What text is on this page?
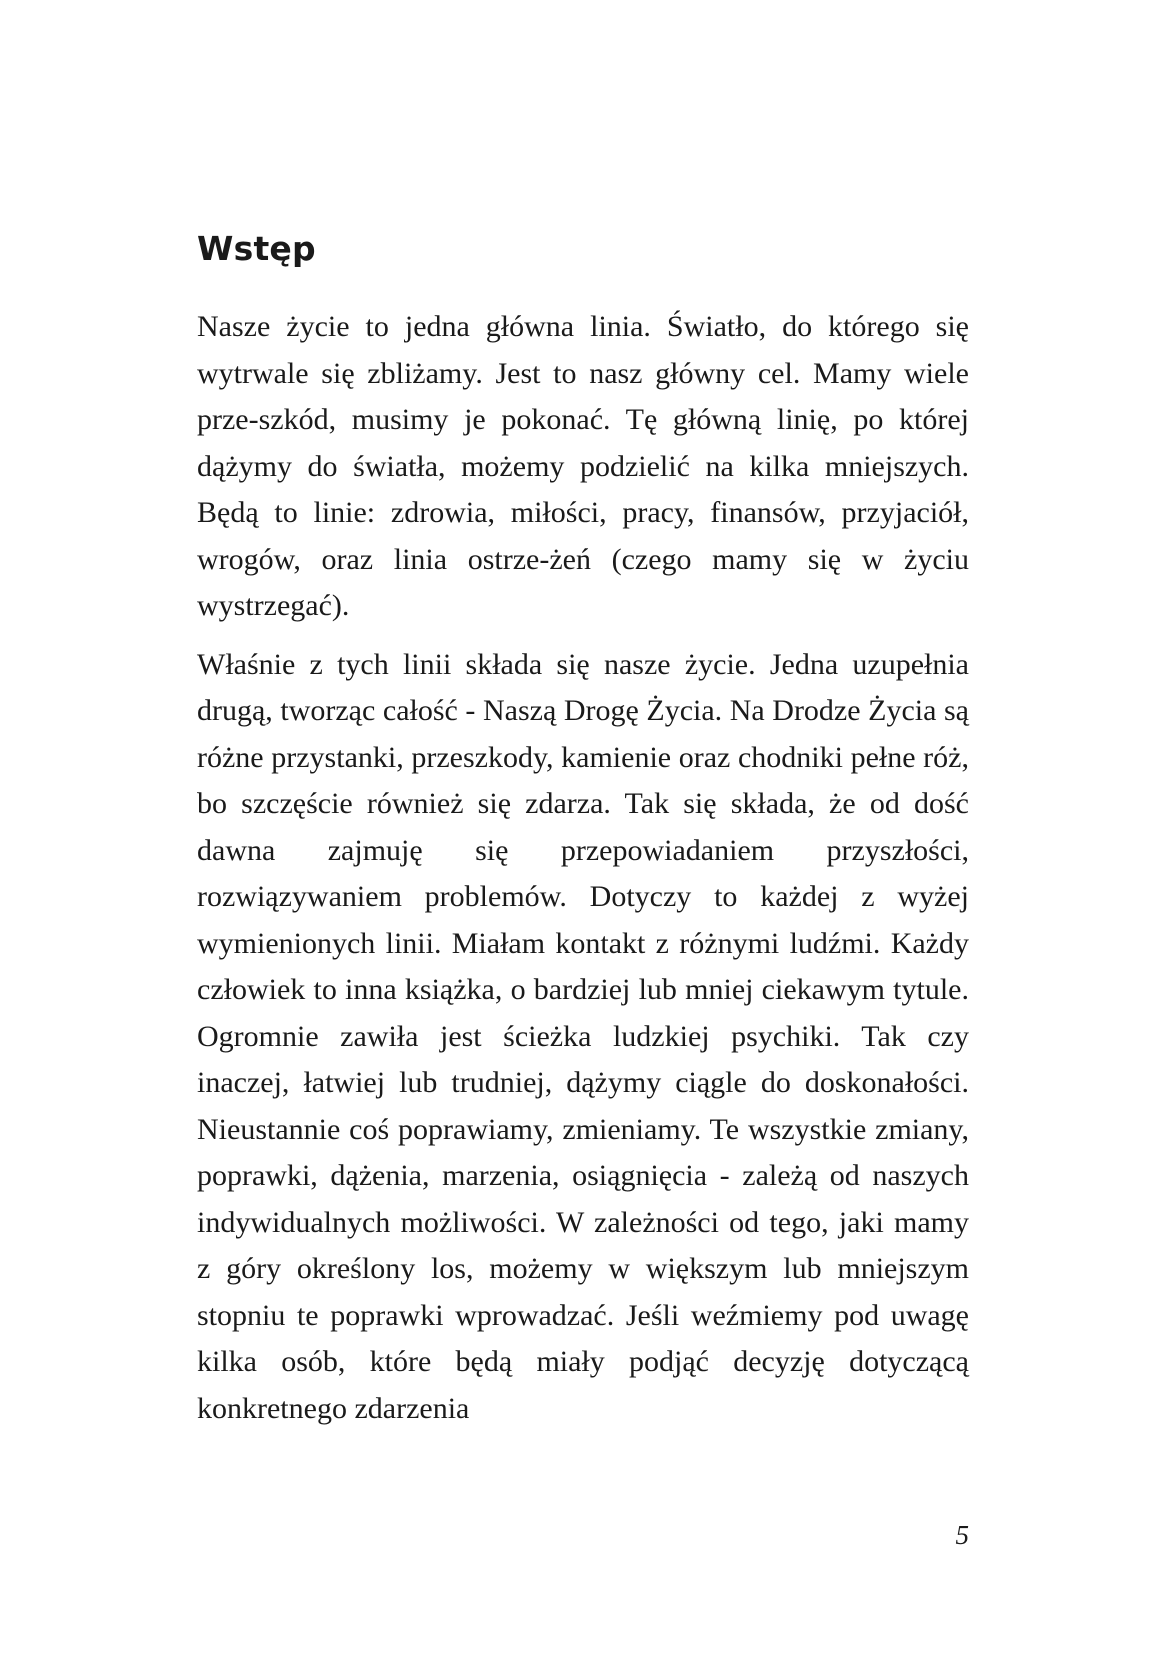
Wstęp

Nasze życie to jedna główna linia. Światło, do którego się wytrwale się zbliżamy. Jest to nasz główny cel. Mamy wiele prze-szkód, musimy je pokonać. Tę główną linię, po której dążymy do światła, możemy podzielić na kilka mniejszych. Będą to linie: zdrowia, miłości, pracy, finansów, przyjaciół, wrogów, oraz linia ostrze-żeń (czego mamy się w życiu wystrzegać).

Właśnie z tych linii składa się nasze życie. Jedna uzupełnia drugą, tworząc całość - Naszą Drogę Życia. Na Drodze Życia są różne przystanki, przeszkody, kamienie oraz chodniki pełne róż, bo szczęście również się zdarza. Tak się składa, że od dość dawna zajmuję się przepowiadaniem przyszłości, rozwiązywaniem problemów. Dotyczy to każdej z wyżej wymienionych linii. Miałam kontakt z różnymi ludźmi. Każdy człowiek to inna książka, o bardziej lub mniej ciekawym tytule. Ogromnie zawiła jest ścieżka ludzkiej psychiki. Tak czy inaczej, łatwiej lub trudniej, dążymy ciągle do doskonałości. Nieustannie coś poprawiamy, zmieniamy. Te wszystkie zmiany, poprawki, dążenia, marzenia, osiągnięcia - zależą od naszych indywidualnych możliwości. W zależności od tego, jaki mamy z góry określony los, możemy w większym lub mniejszym stopniu te poprawki wprowadzać. Jeśli weźmiemy pod uwagę kilka osób, które będą miały podjąć decyzję dotyczącą konkretnego zdarzenia

5
